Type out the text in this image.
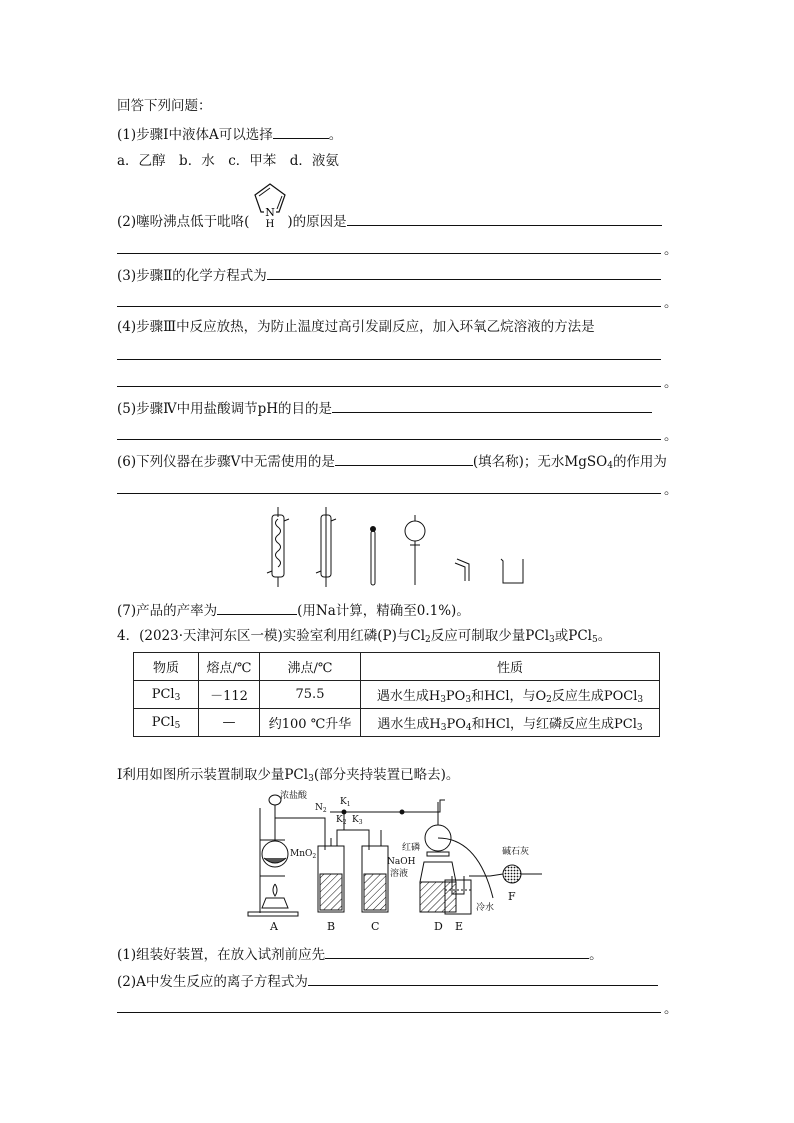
回答下列问题：
(1)步骤Ⅰ中液体A可以选择	。
a．乙醇　b．水　c．甲苯　d．液氨
N
H
(2)噻吩沸点低于吡咯(	)的原因是
。
(3)步骤Ⅱ的化学方程式为
。
(4)步骤Ⅲ中反应放热，为防止温度过高引发副反应，加入环氧乙烷溶液的方法是
。
(5)步骤Ⅳ中用盐酸调节pH的目的是
。
(6)下列仪器在步骤Ⅴ中无需使用的是	(填名称)；无水MgSO$_4$的作用为
。
(7)产品的产率为	(用Na计算，精确至0.1%)。
4．(2023·天津河东区一模)实验室利用红磷(P)与$Cl_2$反应可制取少量PCl$_3$或PCl$_5$。
物质	熔点/℃	沸点/℃	性质
PCl$_3$	－112	75.5	遇水生成$H_3PO_3$和HCl，与$O_2$反应生成POCl$_3$
PCl$_5$	—	约100 ℃升华	遇水生成$H_3PO_4$和HCl，与红磷反应生成PCl$_3$
Ⅰ利用如图所示装置制取少量PCl$_3$(部分夹持装置已略去)。
浓盐酸
$N_2$
$K_1$
$K_2$ $K_3$
MnO$_2$
红磷
NaOH
溶液
碱石灰
冷水
A	B	C	D E
F
(1)组装好装置，在放入试剂前应先	。
(2)A中发生反应的离子方程式为
。
